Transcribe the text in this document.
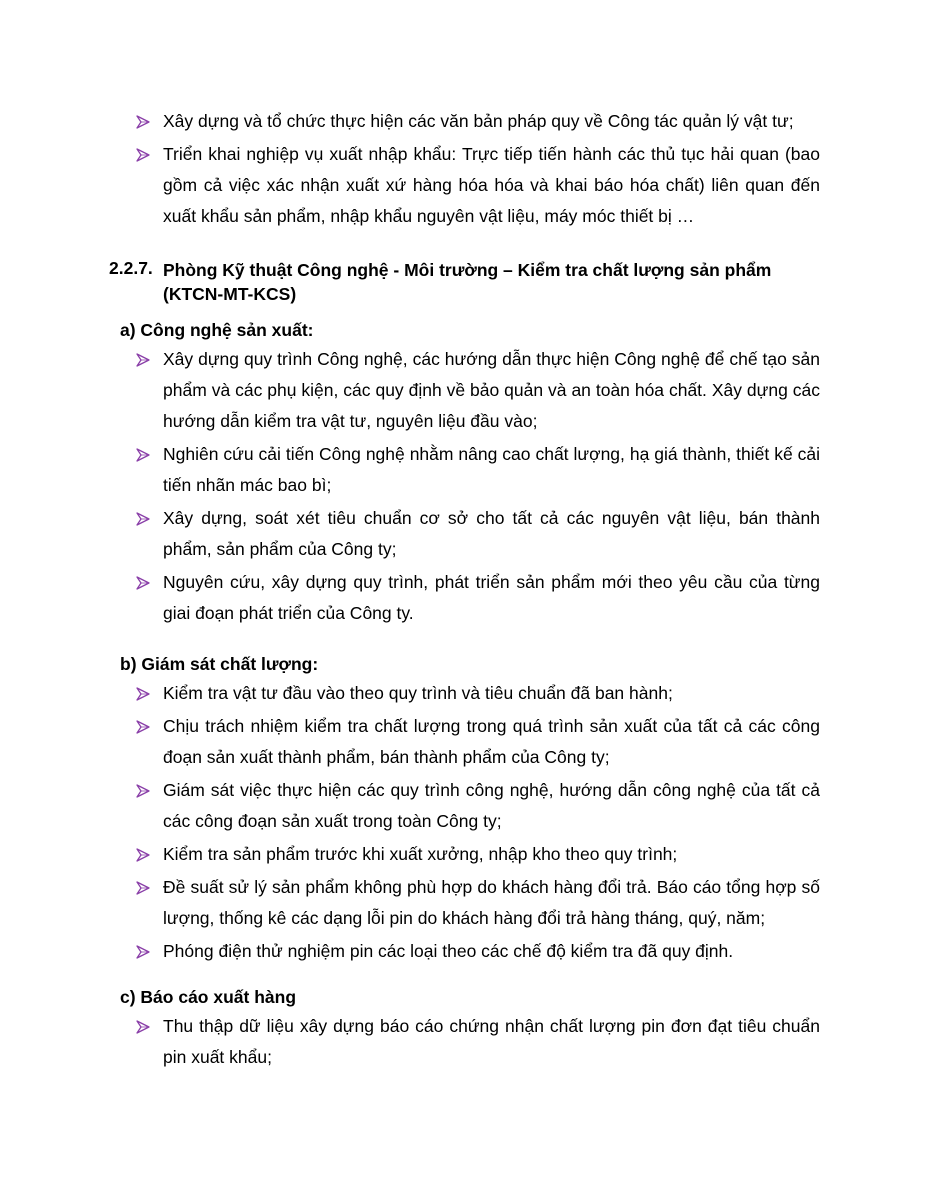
Xây dựng và tổ chức thực hiện các văn bản pháp quy về Công tác quản lý vật tư;
Triển khai nghiệp vụ xuất nhập khẩu: Trực tiếp tiến hành các thủ tục hải quan (bao gồm cả việc xác nhận xuất xứ hàng hóa hóa và khai báo hóa chất) liên quan đến xuất khẩu sản phẩm, nhập khẩu nguyên vật liệu, máy móc thiết bị …
2.2.7. Phòng Kỹ thuật Công nghệ - Môi trường – Kiểm tra chất lượng sản phẩm (KTCN-MT-KCS)
a) Công nghệ sản xuất:
Xây dựng quy trình Công nghệ, các hướng dẫn thực hiện Công nghệ để chế tạo sản phẩm và các phụ kiện, các quy định về bảo quản và an toàn hóa chất. Xây dựng các hướng dẫn kiểm tra vật tư, nguyên liệu đầu vào;
Nghiên cứu cải tiến Công nghệ nhằm nâng cao chất lượng, hạ giá thành, thiết kế cải tiến nhãn mác bao bì;
Xây dựng, soát xét tiêu chuẩn cơ sở cho tất cả các nguyên vật liệu, bán thành phẩm, sản phẩm của Công ty;
Nguyên cứu, xây dựng quy trình, phát triển sản phẩm mới theo yêu cầu của từng giai đoạn phát triển của Công ty.
b) Giám sát chất lượng:
Kiểm tra vật tư đầu vào theo quy trình và tiêu chuẩn đã ban hành;
Chịu trách nhiệm kiểm tra chất lượng trong quá trình sản xuất của tất cả các công đoạn sản xuất thành phẩm, bán thành phẩm của Công ty;
Giám sát việc thực hiện các quy trình công nghệ, hướng dẫn công nghệ của tất cả các công đoạn sản xuất trong toàn Công ty;
Kiểm tra sản phẩm trước khi xuất xưởng, nhập kho theo quy trình;
Đề suất sử lý sản phẩm không phù hợp do khách hàng đổi trả. Báo cáo tổng hợp số lượng, thống kê các dạng lỗi pin do khách hàng đổi trả hàng tháng, quý, năm;
Phóng điện thử nghiệm pin các loại theo các chế độ kiểm tra đã quy định.
c) Báo cáo xuất hàng
Thu thập dữ liệu xây dựng báo cáo chứng nhận chất lượng pin đơn đạt tiêu chuẩn pin xuất khẩu;
